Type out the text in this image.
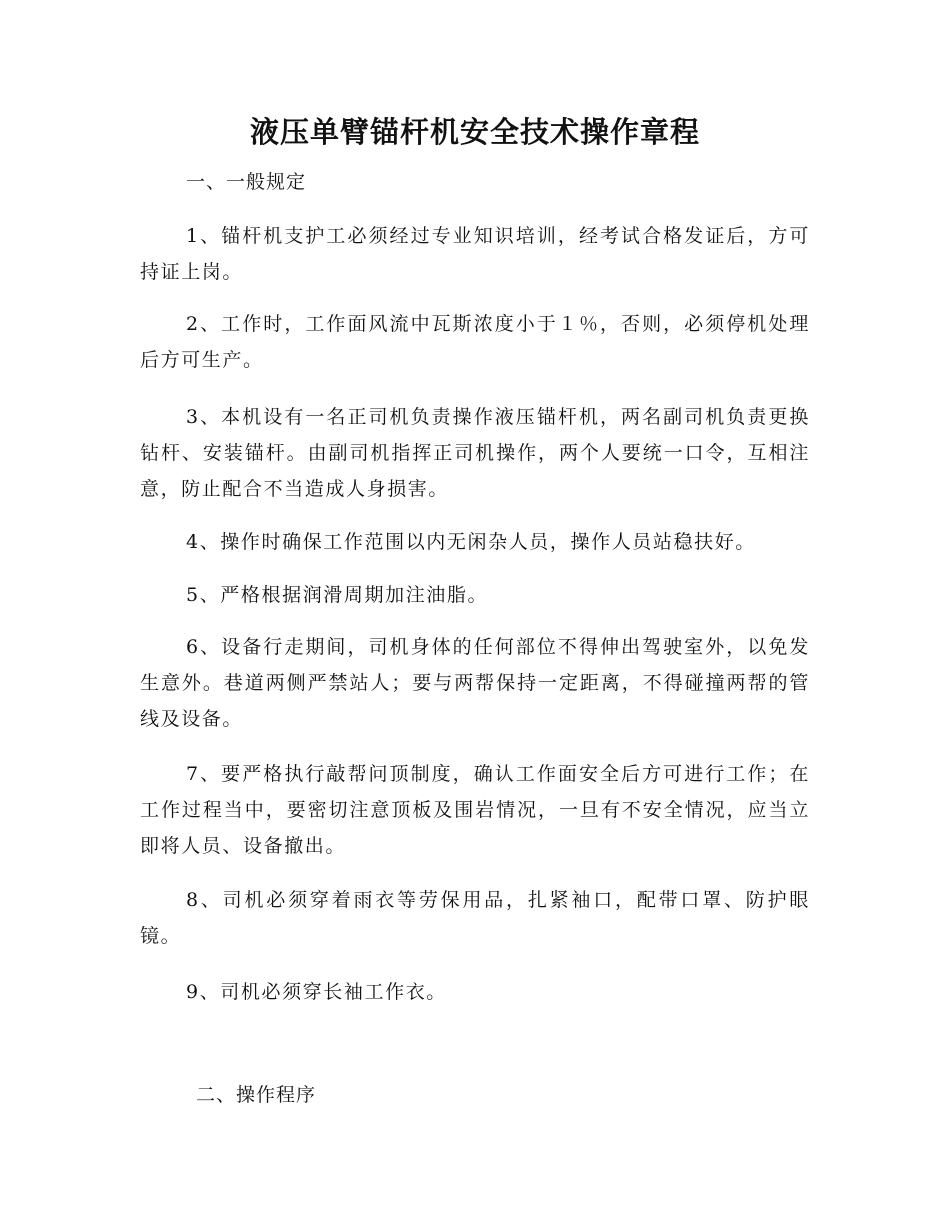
液压单臂锚杆机安全技术操作章程

一、一般规定

1、锚杆机支护工必须经过专业知识培训，经考试合格发证后，方可持证上岗。

2、工作时，工作面风流中瓦斯浓度小于１％，否则，必须停机处理后方可生产。

3、本机设有一名正司机负责操作液压锚杆机，两名副司机负责更换钻杆、安装锚杆。由副司机指挥正司机操作，两个人要统一口令，互相注意，防止配合不当造成人身损害。

4、操作时确保工作范围以内无闲杂人员，操作人员站稳扶好。

5、严格根据润滑周期加注油脂。

6、设备行走期间，司机身体的任何部位不得伸出驾驶室外，以免发生意外。巷道两侧严禁站人；要与两帮保持一定距离，不得碰撞两帮的管线及设备。

7、要严格执行敲帮问顶制度，确认工作面安全后方可进行工作；在工作过程当中，要密切注意顶板及围岩情况，一旦有不安全情况，应当立即将人员、设备撤出。

8、司机必须穿着雨衣等劳保用品，扎紧袖口，配带口罩、防护眼镜。

9、司机必须穿长袖工作衣。

二、操作程序
